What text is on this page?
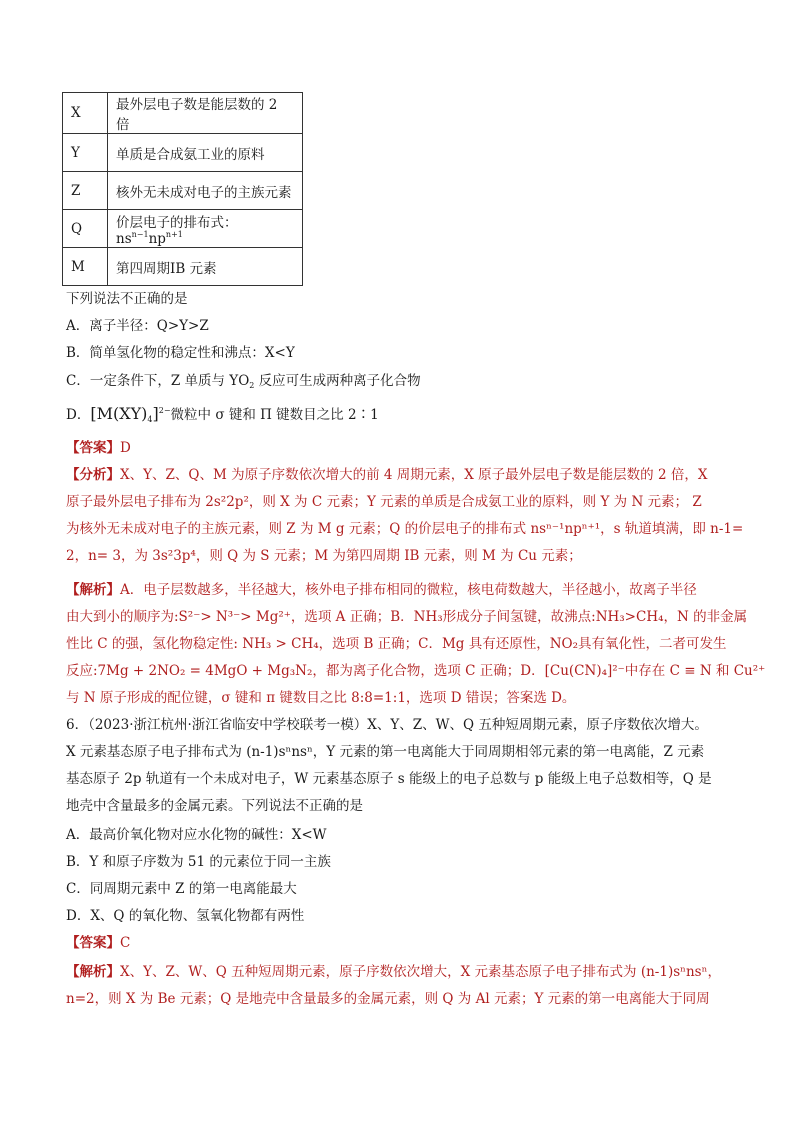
X	最外层电子数是能层数的 2 倍
Y	单质是合成氨工业的原料
Z	核外无未成对电子的主族元素
Q	价层电子的排布式：$ns^{n-1}np^{n+1}$
M	第四周期ⅠB 元素
下列说法不正确的是
A．离子半径：Q>Y>Z
B．简单氢化物的稳定性和沸点：X<Y
C．一定条件下，Z 单质与 $YO_2$ 反应可生成两种离子化合物
D．$[M(XY)_4]^{2-}$微粒中 σ 键和 Π 键数目之比 2∶1
【答案】D
【分析】X、Y、Z、Q、M 为原子序数依次增大的前 4 周期元素，X 原子最外层电子数是能层数的 2 倍，X
原子最外层电子排布为 2s²2p²，则 X 为 C 元素；Y 元素的单质是合成氨工业的原料，则 Y 为 N 元素； Z
为核外无未成对电子的主族元素，则 Z 为 M g 元素；Q 的价层电子的排布式 nsⁿ⁻¹npⁿ⁺¹，s 轨道填满，即 n-1=
2，n= 3，为 3s²3p⁴，则 Q 为 S 元素；M 为第四周期 IB 元素，则 M 为 Cu 元素；
【解析】A．电子层数越多，半径越大，核外电子排布相同的微粒，核电荷数越大，半径越小，故离子半径
由大到小的顺序为:S²⁻> N³⁻> Mg²⁺，选项 A 正确；B．NH₃形成分子间氢键，故沸点:NH₃>CH₄，N 的非金属
性比 C 的强，氢化物稳定性: NH₃ > CH₄，选项 B 正确；C．Mg 具有还原性，NO₂具有氧化性，二者可发生
反应:7Mg + 2NO₂ = 4MgO + Mg₃N₂，都为离子化合物，选项 C 正确；D．[Cu(CN)₄]²⁻中存在 C ≡ N 和 Cu²⁺
与 N 原子形成的配位键，σ 键和 π 键数目之比 8:8=1:1，选项 D 错误；答案选 D。
6．（2023·浙江杭州·浙江省临安中学校联考一模）X、Y、Z、W、Q 五种短周期元素，原子序数依次增大。
X 元素基态原子电子排布式为 (n-1)sⁿnsⁿ，Y 元素的第一电离能大于同周期相邻元素的第一电离能，Z 元素
基态原子 2p 轨道有一个未成对电子，W 元素基态原子 s 能级上的电子总数与 p 能级上电子总数相等，Q 是
地壳中含量最多的金属元素。下列说法不正确的是
A．最高价氧化物对应水化物的碱性：X<W
B．Y 和原子序数为 51 的元素位于同一主族
C．同周期元素中 Z 的第一电离能最大
D．X、Q 的氧化物、氢氧化物都有两性
【答案】C
【解析】X、Y、Z、W、Q 五种短周期元素，原子序数依次增大，X 元素基态原子电子排布式为 (n-1)sⁿnsⁿ，
n=2，则 X 为 Be 元素；Q 是地壳中含量最多的金属元素，则 Q 为 Al 元素；Y 元素的第一电离能大于同周
